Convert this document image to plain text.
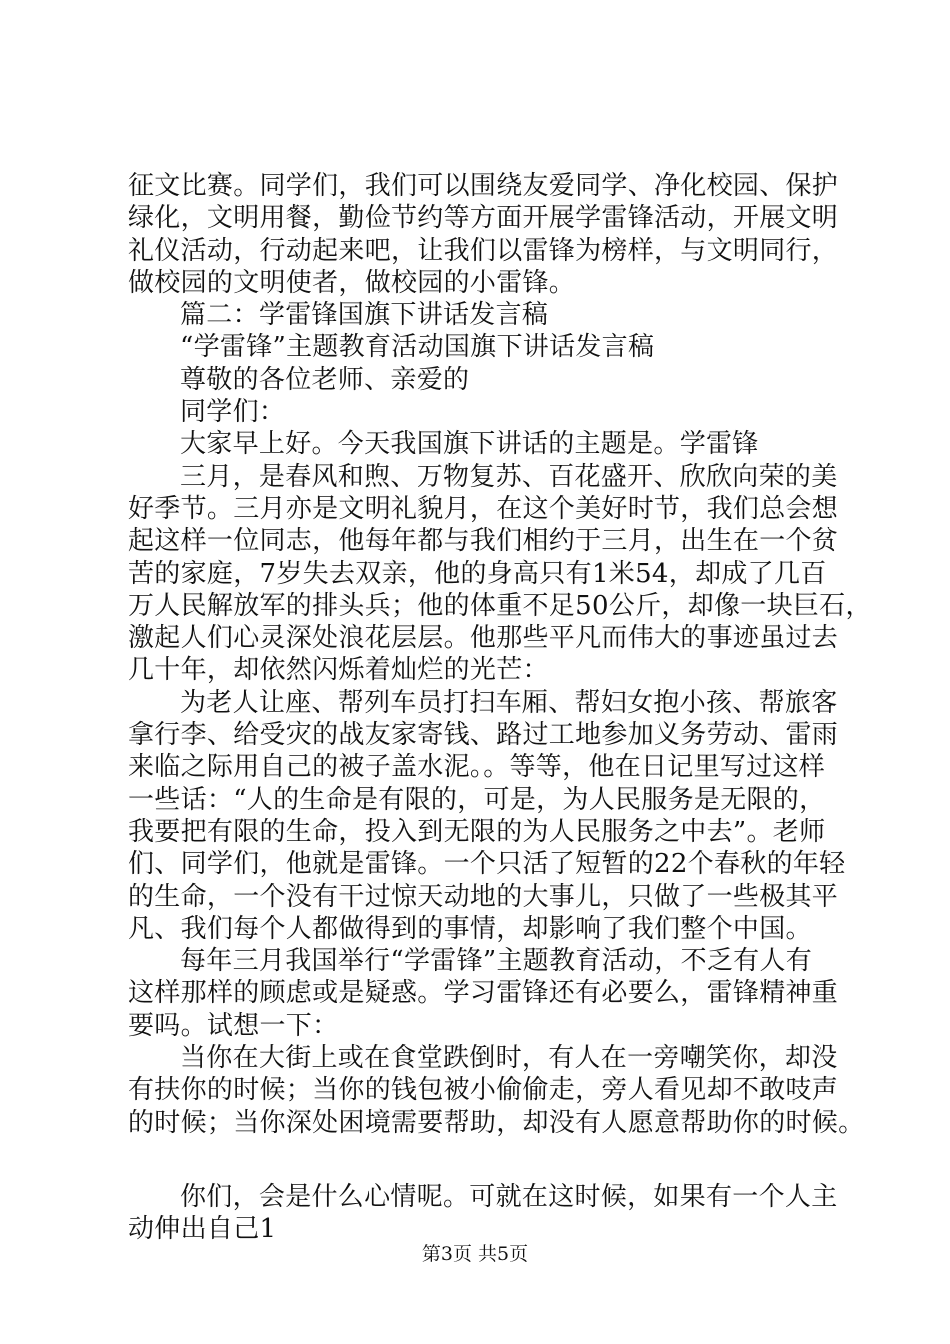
征文比赛。同学们，我们可以围绕友爱同学、净化校园、保护
绿化，文明用餐，勤俭节约等方面开展学雷锋活动，开展文明
礼仪活动，行动起来吧，让我们以雷锋为榜样，与文明同行，
做校园的文明使者，做校园的小雷锋。
篇二：学雷锋国旗下讲话发言稿
“学雷锋”主题教育活动国旗下讲话发言稿
尊敬的各位老师、亲爱的
同学们：
大家早上好。今天我国旗下讲话的主题是。学雷锋
三月，是春风和煦、万物复苏、百花盛开、欣欣向荣的美
好季节。三月亦是文明礼貌月，在这个美好时节，我们总会想
起这样一位同志，他每年都与我们相约于三月，出生在一个贫
苦的家庭，7岁失去双亲，他的身高只有1米54，却成了几百
万人民解放军的排头兵；他的体重不足50公斤，却像一块巨石，
激起人们心灵深处浪花层层。他那些平凡而伟大的事迹虽过去
几十年，却依然闪烁着灿烂的光芒：
为老人让座、帮列车员打扫车厢、帮妇女抱小孩、帮旅客
拿行李、给受灾的战友家寄钱、路过工地参加义务劳动、雷雨
来临之际用自己的被子盖水泥。。等等，他在日记里写过这样
一些话：“人的生命是有限的，可是，为人民服务是无限的，
我要把有限的生命，投入到无限的为人民服务之中去”。老师
们、同学们，他就是雷锋。一个只活了短暂的22个春秋的年轻
的生命，一个没有干过惊天动地的大事儿，只做了一些极其平
凡、我们每个人都做得到的事情，却影响了我们整个中国。
每年三月我国举行“学雷锋”主题教育活动，不乏有人有
这样那样的顾虑或是疑惑。学习雷锋还有必要么，雷锋精神重
要吗。试想一下：
当你在大街上或在食堂跌倒时，有人在一旁嘲笑你，却没
有扶你的时候；当你的钱包被小偷偷走，旁人看见却不敢吱声
的时候；当你深处困境需要帮助，却没有人愿意帮助你的时候。
你们，会是什么心情呢。可就在这时候，如果有一个人主
动伸出自己1
第3页 共5页
